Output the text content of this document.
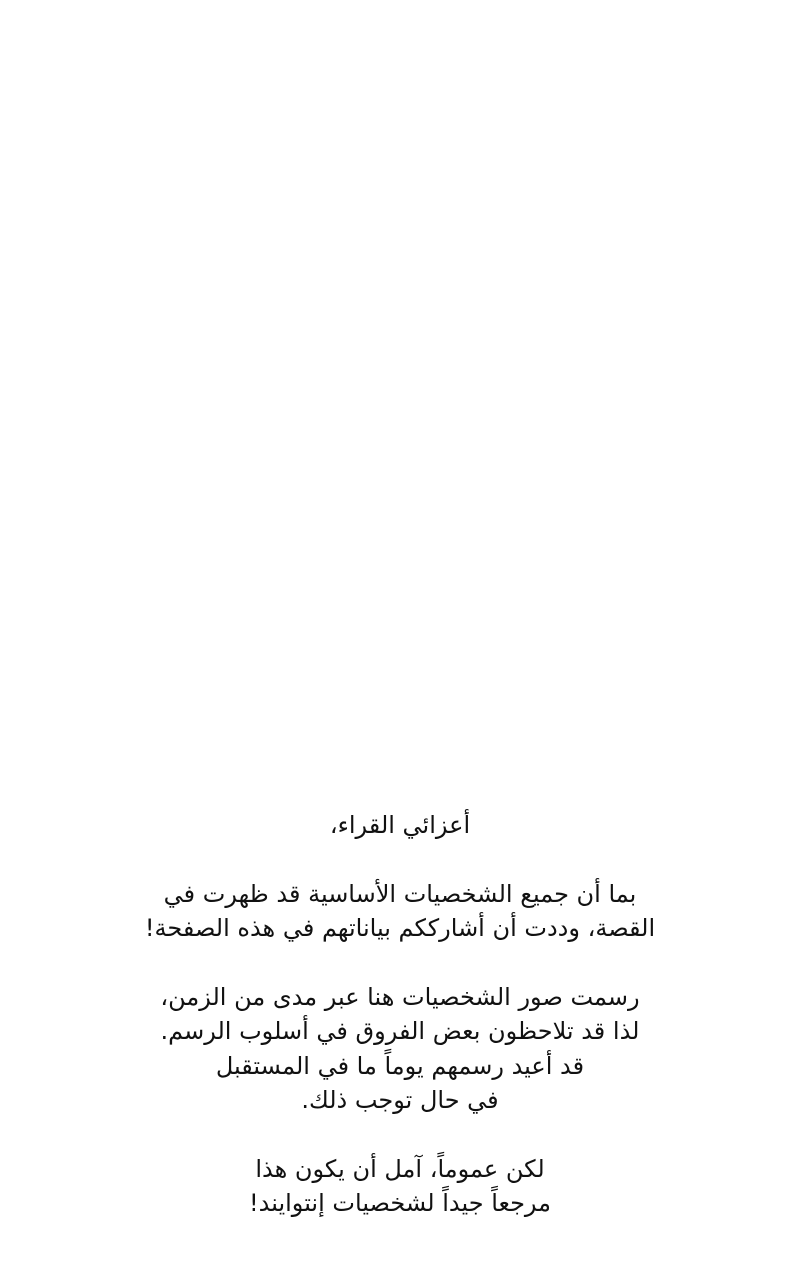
أعزائي القراء،

بما أن جميع الشخصيات الأساسية قد ظهرت في
القصة، وددت أن أشارككم بياناتهم في هذه الصفحة!

رسمت صور الشخصيات هنا عبر مدى من الزمن،
لذا قد تلاحظون بعض الفروق في أسلوب الرسم.
قد أعيد رسمهم يوماً ما في المستقبل
في حال توجب ذلك.

لكن عموماً، آمل أن يكون هذا
مرجعاً جيداً لشخصيات إنتوايند!
